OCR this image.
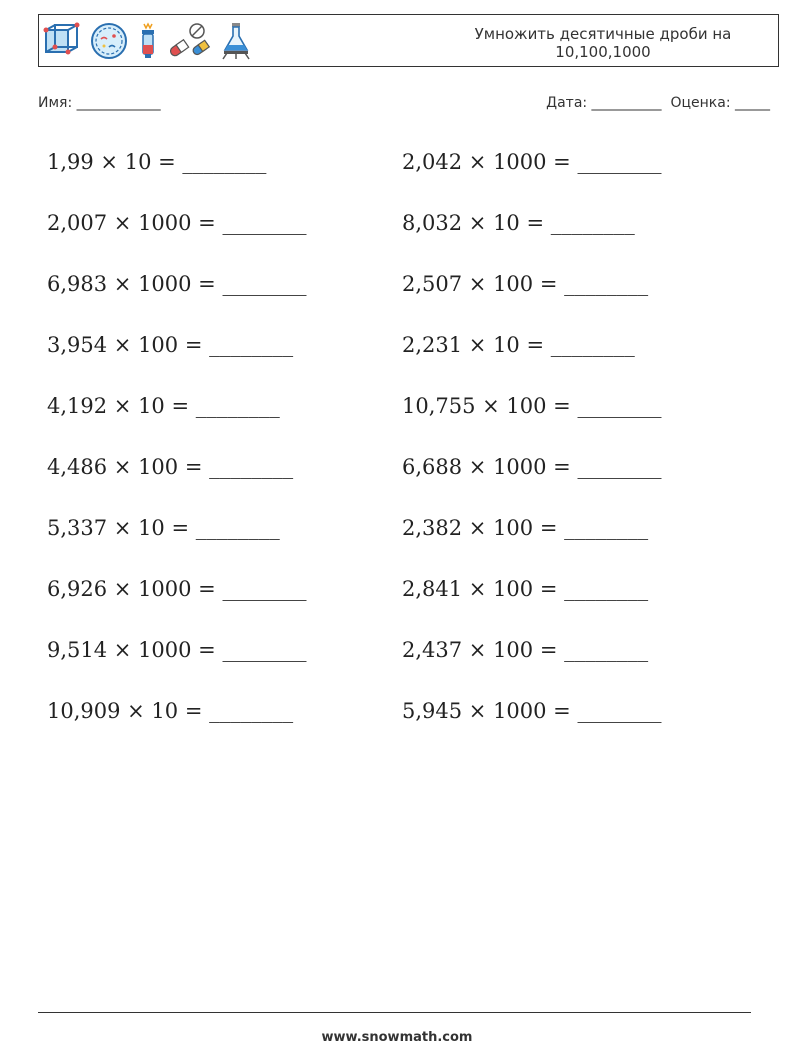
Умножить десятичные дроби на
10,100,1000
Имя: ____________	Дата: __________ Оценка: _____
1,99 × 10 = ________	2,042 × 1000 = ________
2,007 × 1000 = ________	8,032 × 10 = ________
6,983 × 1000 = ________	2,507 × 100 = ________
3,954 × 100 = ________	2,231 × 10 = ________
4,192 × 10 = ________	10,755 × 100 = ________
4,486 × 100 = ________	6,688 × 1000 = ________
5,337 × 10 = ________	2,382 × 100 = ________
6,926 × 1000 = ________	2,841 × 100 = ________
9,514 × 1000 = ________	2,437 × 100 = ________
10,909 × 10 = ________	5,945 × 1000 = ________
www.snowmath.com
